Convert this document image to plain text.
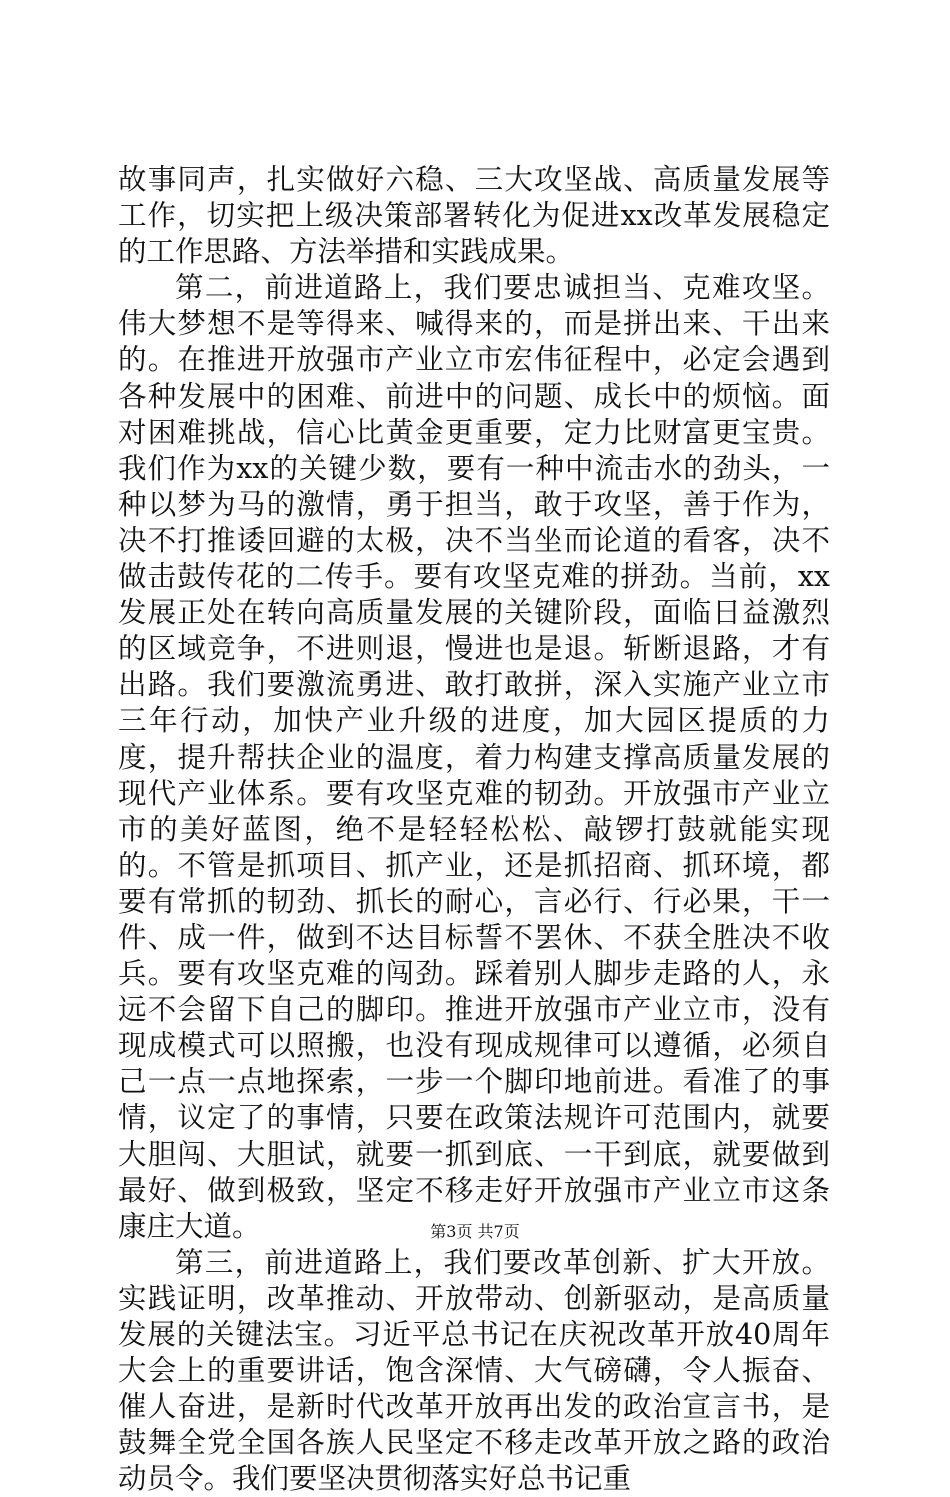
故事同声，扎实做好六稳、三大攻坚战、高质量发展等工作，切实把上级决策部署转化为促进xx改革发展稳定的工作思路、方法举措和实践成果。

第二，前进道路上，我们要忠诚担当、克难攻坚。伟大梦想不是等得来、喊得来的，而是拼出来、干出来的。在推进开放强市产业立市宏伟征程中，必定会遇到各种发展中的困难、前进中的问题、成长中的烦恼。面对困难挑战，信心比黄金更重要，定力比财富更宝贵。我们作为xx的关键少数，要有一种中流击水的劲头，一种以梦为马的激情，勇于担当，敢于攻坚，善于作为，决不打推诿回避的太极，决不当坐而论道的看客，决不做击鼓传花的二传手。要有攻坚克难的拼劲。当前，xx发展正处在转向高质量发展的关键阶段，面临日益激烈的区域竞争，不进则退，慢进也是退。斩断退路，才有出路。我们要激流勇进、敢打敢拼，深入实施产业立市三年行动，加快产业升级的进度，加大园区提质的力度，提升帮扶企业的温度，着力构建支撑高质量发展的现代产业体系。要有攻坚克难的韧劲。开放强市产业立市的美好蓝图，绝不是轻轻松松、敲锣打鼓就能实现的。不管是抓项目、抓产业，还是抓招商、抓环境，都要有常抓的韧劲、抓长的耐心，言必行、行必果，干一件、成一件，做到不达目标誓不罢休、不获全胜决不收兵。要有攻坚克难的闯劲。踩着别人脚步走路的人，永远不会留下自己的脚印。推进开放强市产业立市，没有现成模式可以照搬，也没有现成规律可以遵循，必须自己一点一点地探索，一步一个脚印地前进。看准了的事情，议定了的事情，只要在政策法规许可范围内，就要大胆闯、大胆试，就要一抓到底、一干到底，就要做到最好、做到极致，坚定不移走好开放强市产业立市这条康庄大道。

第三，前进道路上，我们要改革创新、扩大开放。实践证明，改革推动、开放带动、创新驱动，是高质量发展的关键法宝。习近平总书记在庆祝改革开放40周年大会上的重要讲话，饱含深情、大气磅礴，令人振奋、催人奋进，是新时代改革开放再出发的政治宣言书，是鼓舞全党全国各族人民坚定不移走改革开放之路的政治动员令。我们要坚决贯彻落实好总书记重

第3页 共7页
